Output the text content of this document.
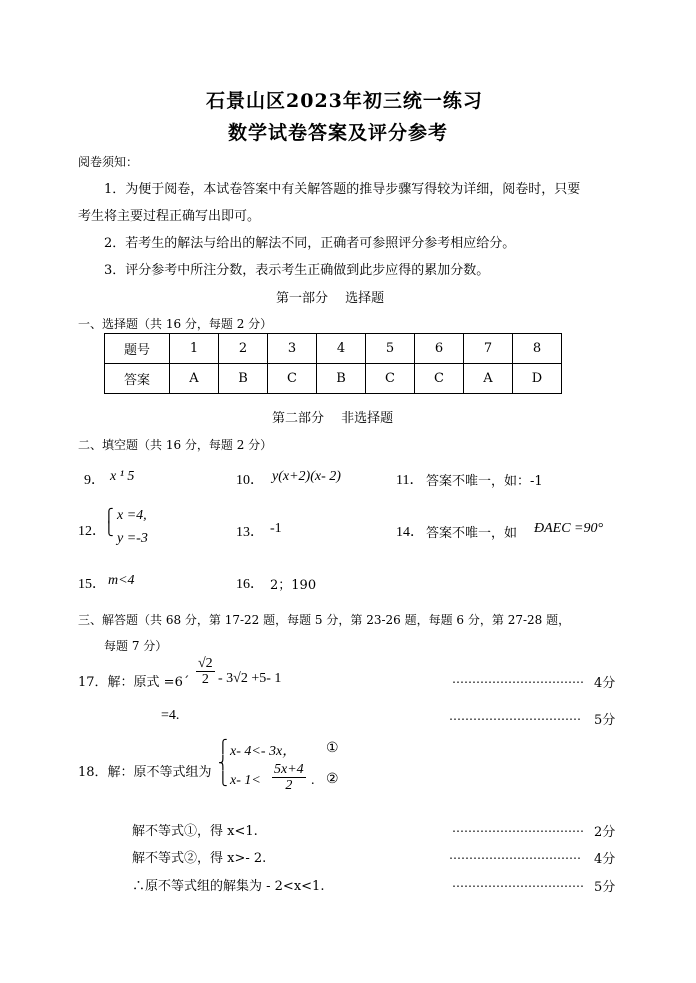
石景山区2023年初三统一练习
数学试卷答案及评分参考
阅卷须知：
1．为便于阅卷，本试卷答案中有关解答题的推导步骤写得较为详细，阅卷时，只要
考生将主要过程正确写出即可。
2．若考生的解法与给出的解法不同，正确者可参照评分参考相应给分。
3．评分参考中所注分数，表示考生正确做到此步应得的累加分数。
第一部分　 选择题
一、选择题（共 16 分，每题 2 分）
题号	1	2	3	4	5	6	7	8
答案	A	B	C	B	C	C	A	D
第二部分　 非选择题
二、填空题（共 16 分，每题 2 分）
9． x ¹ 5	10． y(x+2)(x- 2)	11． 答案不唯一，如：-1
12．
⎧
⎩
x =4,
y =-3	13． -1	14． 答案不唯一，如 ÐAEC =90°
15． m<4	16． 2；190
三、解答题（共 68 分，第 17-22 题，每题 5 分，第 23-26 题，每题 6 分，第 27-28 题，
每题 7 分）
17．解：原式 =6´ $\frac{√2}{2} - 3√2 +5-$ 1	…………………………… 4分
=4.	…………………………… 5分
18．解：原不等式组为
⎧
⎨
⎩
x- 4<- 3x， ①
x- $1< \frac{5x+4}{2}$ . ②
解不等式①，得 x<1.	…………………………… 2分
解不等式②，得 x>- 2.	…………………………… 4分
∴原不等式组的解集为 - 2<x<1.	…………………………… 5分
